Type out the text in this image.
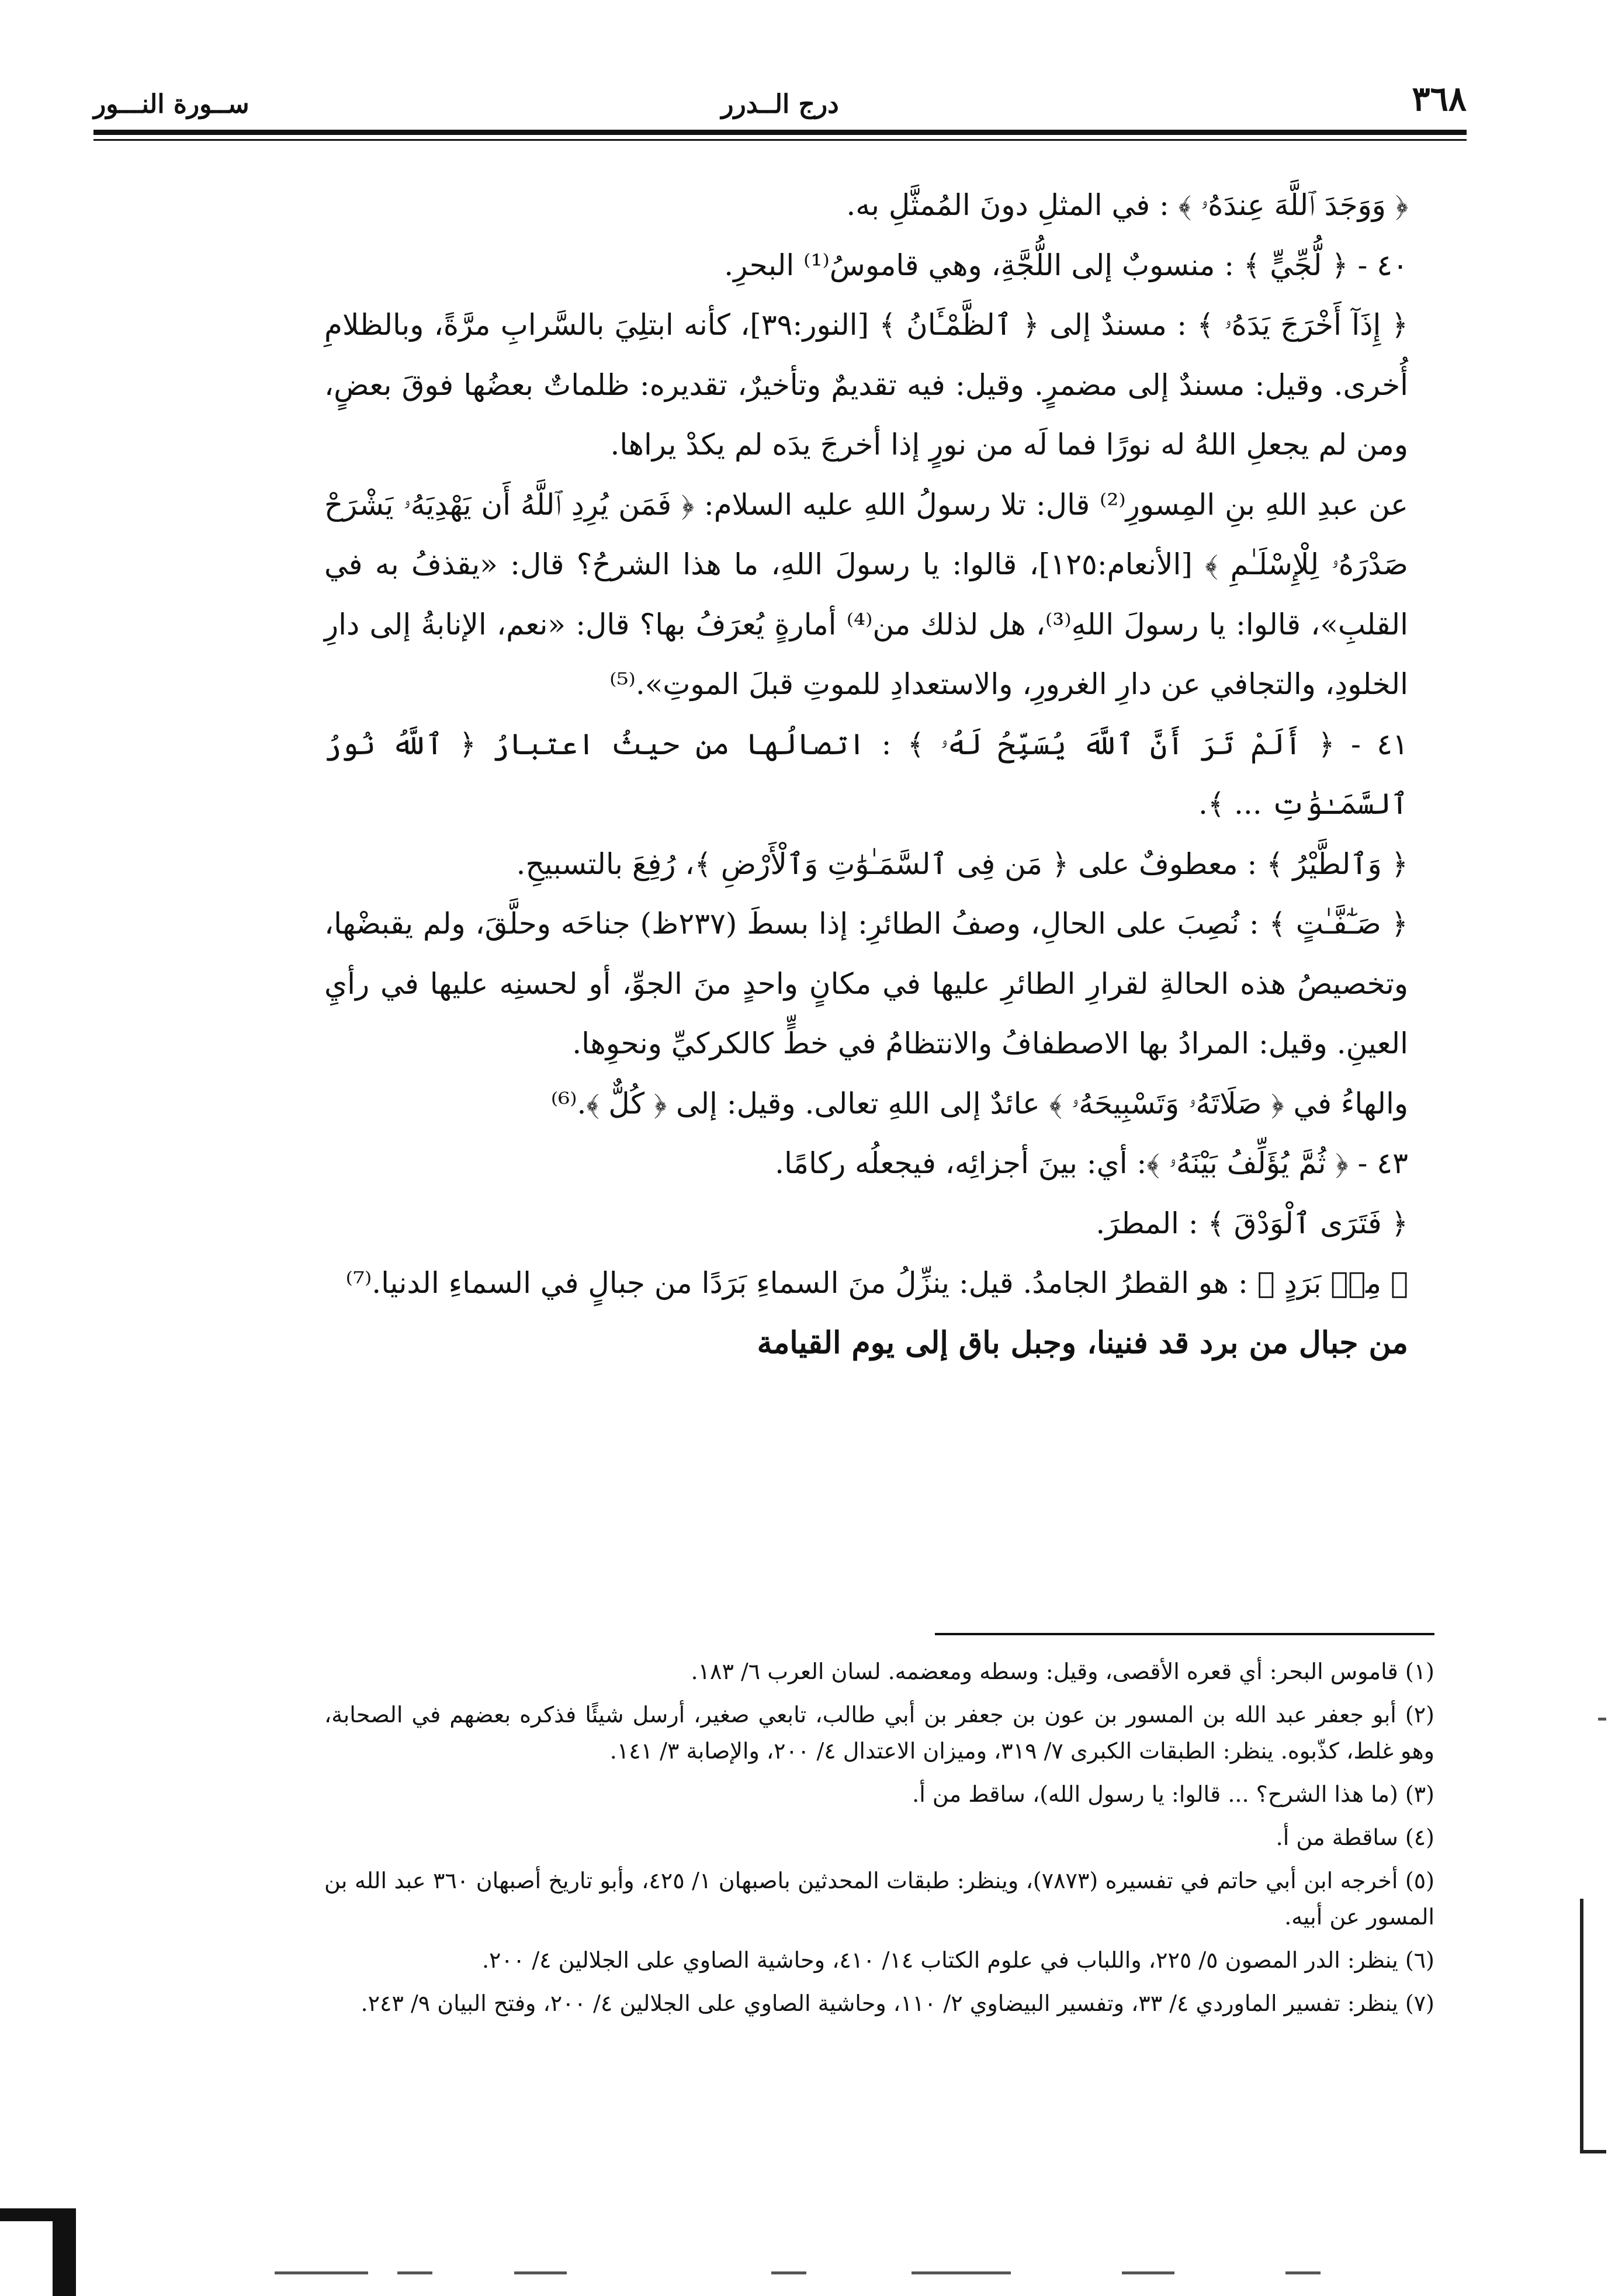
٣٦٨
درج الــدرر
ســورة النـــور

﴿ وَوَجَدَ ٱللَّهَ عِندَهُۥ ﴾ : في المثلِ دونَ المُمثَّلِ به.

٤٠ - ﴿ لُّجِّيٍّ ﴾ : منسوبٌ إلى اللُّجَّةِ، وهي قاموسُ⁽¹⁾ البحرِ.

﴿ إِذَآ أَخْرَجَ يَدَهُۥ ﴾ : مسندٌ إلى ﴿ ٱلظَّمْـَٔانُ ﴾ [النور:٣٩]، كأنه ابتلِيَ بالسَّرابِ مرَّةً، وبالظلامِ أُخرى. وقيل: مسندٌ إلى مضمرٍ. وقيل: فيه تقديمٌ وتأخيرٌ، تقديره: ظلماتٌ بعضُها فوقَ بعضٍ، ومن لم يجعلِ اللهُ له نورًا فما لَه من نورٍ إذا أخرجَ يدَه لم يكدْ يراها.

عن عبدِ اللهِ بنِ المِسورِ⁽²⁾ قال: تلا رسولُ اللهِ عليه السلام: ﴿ فَمَن يُرِدِ ٱللَّهُ أَن يَهْدِيَهُۥ يَشْرَحْ صَدْرَهُۥ لِلْإِسْلَـٰمِ ﴾ [الأنعام:١٢٥]، قالوا: يا رسولَ اللهِ، ما هذا الشرحُ؟ قال: «يقذفُ به في القلبِ»، قالوا: يا رسولَ اللهِ⁽³⁾، هل لذلك من⁽⁴⁾ أمارةٍ يُعرَفُ بها؟ قال: «نعم، الإنابةُ إلى دارِ الخلودِ، والتجافي عن دارِ الغرورِ، والاستعدادِ للموتِ قبلَ الموتِ».⁽⁵⁾

٤١ - ﴿ أَلَمْ تَرَ أَنَّ ٱللَّهَ يُسَبِّحُ لَهُۥ ﴾ : اتصالُها من حيثُ اعتبارُ ﴿ ٱللَّهُ نُورُ ٱلسَّمَـٰوَٰتِ ... ﴾.

﴿ وَٱلطَّيْرُ ﴾ : معطوفٌ على ﴿ مَن فِى ٱلسَّمَـٰوَٰتِ وَٱلْأَرْضِ ﴾، رُفِعَ بالتسبيحِ.

﴿ صَـٰٓفَّـٰتٍ ﴾ : نُصِبَ على الحالِ، وصفُ الطائرِ: إذا بسطَ (٢٣٧ظ) جناحَه وحلَّقَ، ولم يقبضْها، وتخصيصُ هذه الحالةِ لقرارِ الطائرِ عليها في مكانٍ واحدٍ منَ الجوِّ، أو لحسنِه عليها في رأيِ العينِ. وقيل: المرادُ بها الاصطفافُ والانتظامُ في خطٍّ كالكركيِّ ونحوِها.

والهاءُ في ﴿ صَلَاتَهُۥ وَتَسْبِيحَهُۥ ﴾ عائدٌ إلى اللهِ تعالى. وقيل: إلى ﴿ كُلٌّ ﴾.⁽⁶⁾

٤٣ - ﴿ ثُمَّ يُؤَلِّفُ بَيْنَهُۥ ﴾: أي: بينَ أجزائِه، فيجعلُه ركامًا.

﴿ فَتَرَى ٱلْوَدْقَ ﴾ : المطرَ.

﴿ مِنۢ بَرَدٍ ﴾ : هو القطرُ الجامدُ. قيل: ينزِّلُ منَ السماءِ بَرَدًا من جبالٍ في السماءِ الدنيا.⁽⁷⁾

من جبال من برد قد فنينا، وجبل باق إلى يوم القيامة

(١) قاموس البحر: أي قعره الأقصى، وقيل: وسطه ومعضمه. لسان العرب ٦/ ١٨٣.

(٢) أبو جعفر عبد الله بن المسور بن عون بن جعفر بن أبي طالب، تابعي صغير، أرسل شيئًا فذكره بعضهم في الصحابة، وهو غلط، كذّبوه. ينظر: الطبقات الكبرى ٧/ ٣١٩، وميزان الاعتدال ٤/ ٢٠٠، والإصابة ٣/ ١٤١.

(٣) (ما هذا الشرح؟ ... قالوا: يا رسول الله)، ساقط من أ.

(٤) ساقطة من أ.

(٥) أخرجه ابن أبي حاتم في تفسيره (٧٨٧٣)، وينظر: طبقات المحدثين باصبهان ١/ ٤٢٥، وأبو تاريخ أصبهان ٣٦٠ عبد الله بن المسور عن أبيه.

(٦) ينظر: الدر المصون ٥/ ٢٢٥، واللباب في علوم الكتاب ١٤/ ٤١٠، وحاشية الصاوي على الجلالين ٤/ ٢٠٠.

(٧) ينظر: تفسير الماوردي ٤/ ٣٣، وتفسير البيضاوي ٢/ ١١٠، وحاشية الصاوي على الجلالين ٤/ ٢٠٠، وفتح البيان ٩/ ٢٤٣.
